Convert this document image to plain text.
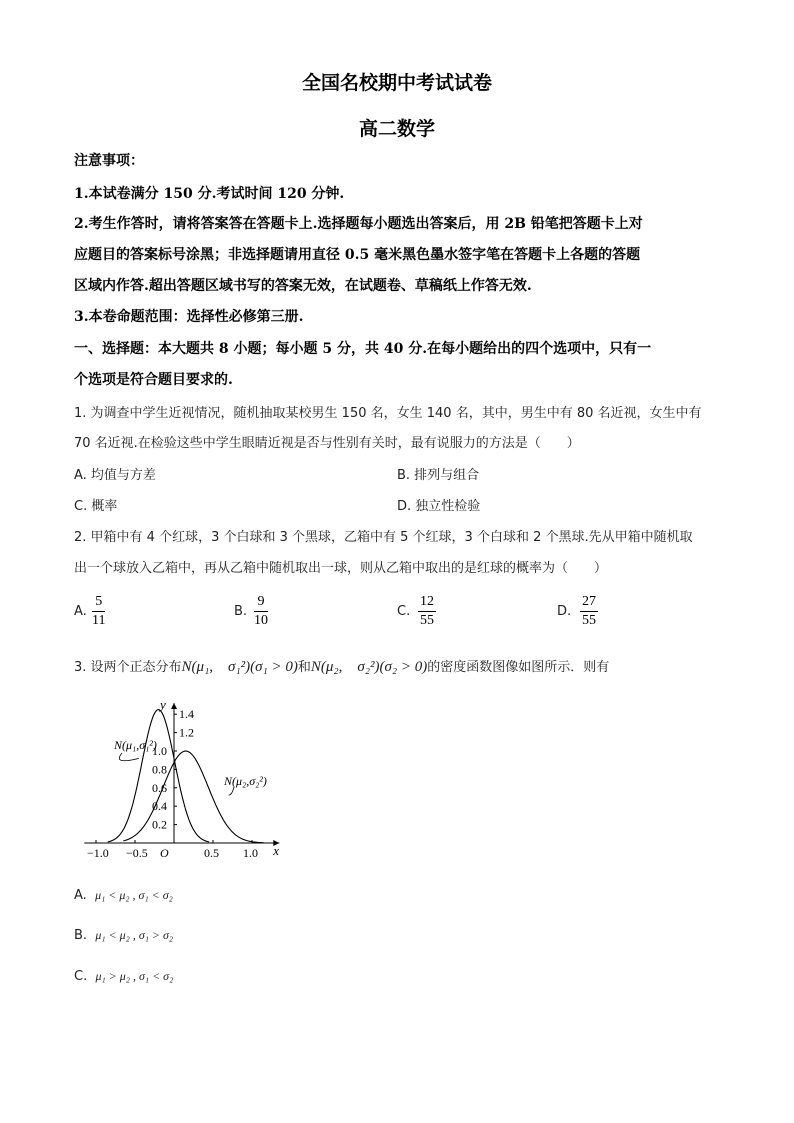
全国名校期中考试试卷
高二数学
注意事项：
1.本试卷满分 150 分.考试时间 120 分钟.
2.考生作答时，请将答案答在答题卡上.选择题每小题选出答案后，用 2B 铅笔把答题卡上对
应题目的答案标号涂黑；非选择题请用直径 0.5 毫米黑色墨水签字笔在答题卡上各题的答题
区域内作答.超出答题区域书写的答案无效，在试题卷、草稿纸上作答无效.
3.本卷命题范围：选择性必修第三册.
一、选择题：本大题共 8 小题；每小题 5 分，共 40 分.在每小题给出的四个选项中，只有一
个选项是符合题目要求的.
1. 为调查中学生近视情况，随机抽取某校男生 150 名，女生 140 名，其中，男生中有 80 名近视，女生中有
70 名近视.在检验这些中学生眼睛近视是否与性别有关时，最有说服力的方法是（　　）
A. 均值与方差	B. 排列与组合
C. 概率	D. 独立性检验
2. 甲箱中有 4 个红球，3 个白球和 3 个黑球，乙箱中有 5 个红球，3 个白球和 2 个黑球.先从甲箱中随机取
出一个球放入乙箱中，再从乙箱中随机取出一球，则从乙箱中取出的是红球的概率为（　　）
A. $\frac{5}{11}$	B. $\frac{9}{10}$	C. $\frac{12}{55}$	D. $\frac{27}{55}$
3. 设两个正态分布N(μ₁,　σ₁²)(σ₁ > 0)和N(μ₂,　σ₂²)(σ₂ > 0)的密度函数图像如图所示．则有
x
y
−1.0 −0.5 O	0.5 1.0
0.2
0.4
0.6
0.8
1.0
1.2
1.4
N(μ₁,σ₁²)
N(μ₂,σ₂²)
A. μ₁ < μ₂ , σ₁ < σ₂
B. μ₁ < μ₂ , σ₁ > σ₂
C. μ₁ > μ₂ , σ₁ < σ₂
